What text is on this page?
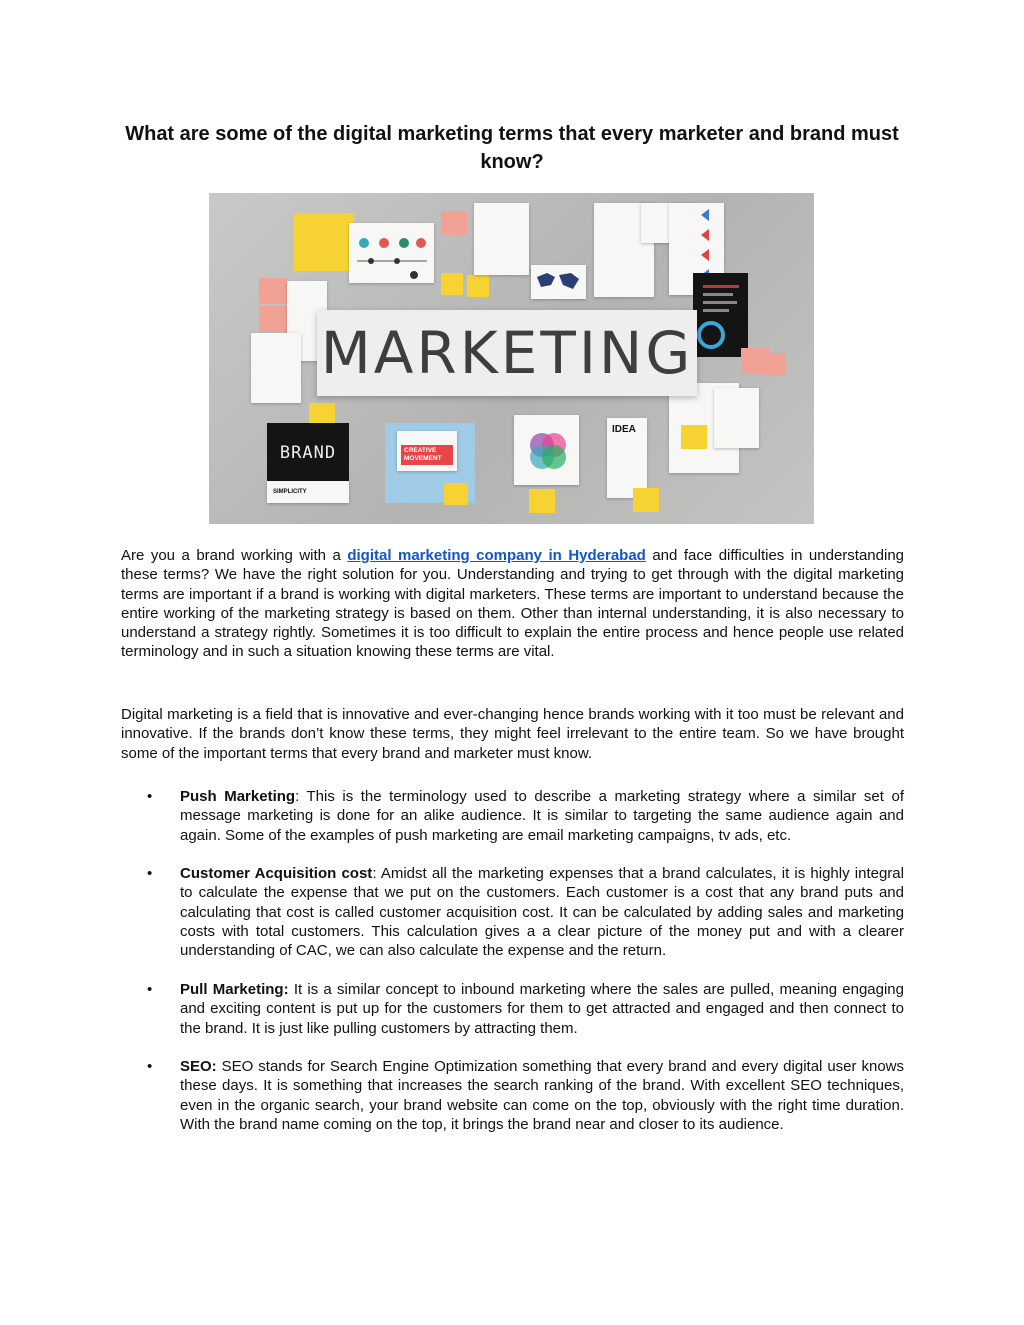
What are some of the digital marketing terms that every marketer and brand must know?
MARKETING
BRAND
SIMPLICITY
CREATIVE MOVEMENT
IDEA

Are you a brand working with a digital marketing company in Hyderabad and face difficulties in understanding these terms? We have the right solution for you. Understanding and trying to get through with the digital marketing terms are important if a brand is working with digital marketers. These terms are important to understand because the entire working of the marketing strategy is based on them. Other than internal understanding, it is also necessary to understand a strategy rightly. Sometimes it is too difficult to explain the entire process and hence people use related terminology and in such a situation knowing these terms are vital.

Digital marketing is a field that is innovative and ever-changing hence brands working with it too must be relevant and innovative. If the brands don’t know these terms, they might feel irrelevant to the entire team. So we have brought some of the important terms that every brand and marketer must know.

• Push Marketing: This is the terminology used to describe a marketing strategy where a similar set of message marketing is done for an alike audience. It is similar to targeting the same audience again and again. Some of the examples of push marketing are email marketing campaigns, tv ads, etc.
• Customer Acquisition cost: Amidst all the marketing expenses that a brand calculates, it is highly integral to calculate the expense that we put on the customers. Each customer is a cost that any brand puts and calculating that cost is called customer acquisition cost. It can be calculated by adding sales and marketing costs with total customers. This calculation gives a a clear picture of the money put and with a clearer understanding of CAC, we can also calculate the expense and the return.
• Pull Marketing: It is a similar concept to inbound marketing where the sales are pulled, meaning engaging and exciting content is put up for the customers for them to get attracted and engaged and then connect to the brand. It is just like pulling customers by attracting them.
• SEO: SEO stands for Search Engine Optimization something that every brand and every digital user knows these days. It is something that increases the search ranking of the brand. With excellent SEO techniques, even in the organic search, your brand website can come on the top, obviously with the right time duration. With the brand name coming on the top, it brings the brand near and closer to its audience.
